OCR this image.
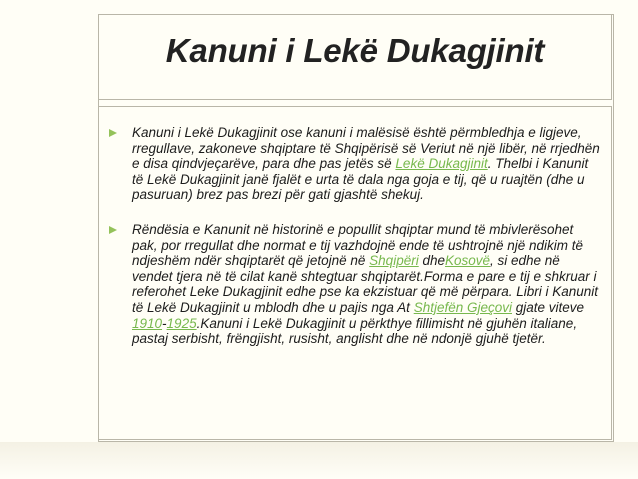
Kanuni i Lekë Dukagjinit
Kanuni i Lekë Dukagjinit ose kanuni i malësisë është përmbledhja e ligjeve, rregullave, zakoneve shqiptare të Shqipërisë së Veriut në një libër, në rrjedhën e disa qindvjeçarëve, para dhe pas jetës së Lekë Dukagjinit. Thelbi i Kanunit të Lekë Dukagjinit janë fjalët e urta të dala nga goja e tij, që u ruajtën (dhe u pasuruan) brez pas brezi për gati gjashtë shekuj.
Rëndësia e Kanunit në historinë e popullit shqiptar mund të mbivlerësohet pak, por rregullat dhe normat e tij vazhdojnë ende të ushtrojnë një ndikim të ndjeshëm ndër shqiptarët që jetojnë në Shqipëri dheKosovë, si edhe në vendet tjera në të cilat kanë shtegtuar shqiptarët.Forma e pare e tij e shkruar i referohet Leke Dukagjinit edhe pse ka ekzistuar që më përpara. Libri i Kanunit të Lekë Dukagjinit u mblodh dhe u pajis nga At Shtjefën Gjeçovi gjate viteve 1910-1925.Kanuni i Lekë Dukagjinit u përkthye fillimisht në gjuhën italiane, pastaj serbisht, frëngjisht, rusisht, anglisht dhe në ndonjë gjuhë tjetër.
